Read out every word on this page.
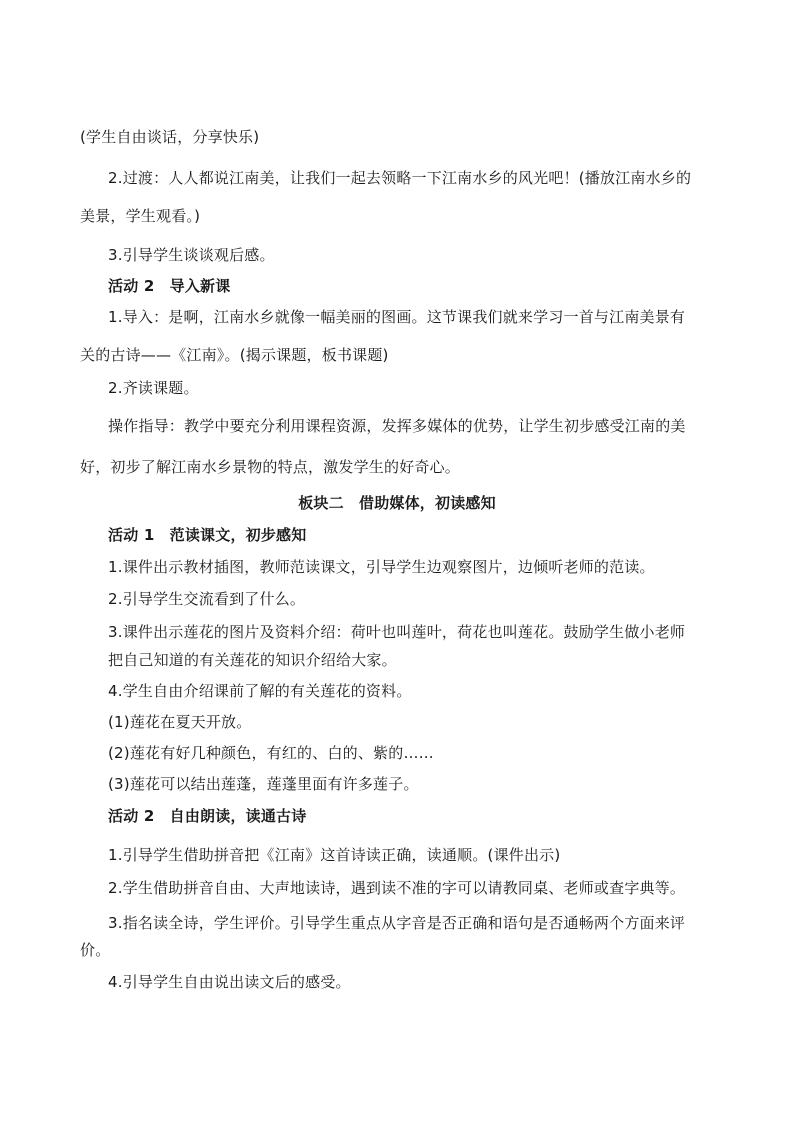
(学生自由谈话，分享快乐)
2.过渡：人人都说江南美，让我们一起去领略一下江南水乡的风光吧！(播放江南水乡的
美景，学生观看。)
3.引导学生谈谈观后感。
活动 2　导入新课
1.导入：是啊，江南水乡就像一幅美丽的图画。这节课我们就来学习一首与江南美景有
关的古诗——《江南》。(揭示课题，板书课题)
2.齐读课题。
操作指导：教学中要充分利用课程资源，发挥多媒体的优势，让学生初步感受江南的美
好，初步了解江南水乡景物的特点，激发学生的好奇心。
板块二　借助媒体，初读感知
活动 1　范读课文，初步感知
1.课件出示教材插图，教师范读课文，引导学生边观察图片，边倾听老师的范读。
2.引导学生交流看到了什么。
3.课件出示莲花的图片及资料介绍：荷叶也叫莲叶，荷花也叫莲花。鼓励学生做小老师
把自己知道的有关莲花的知识介绍给大家。
4.学生自由介绍课前了解的有关莲花的资料。
(1)莲花在夏天开放。
(2)莲花有好几种颜色，有红的、白的、紫的……
(3)莲花可以结出莲蓬，莲蓬里面有许多莲子。
活动 2　自由朗读，读通古诗
1.引导学生借助拼音把《江南》这首诗读正确，读通顺。(课件出示)
2.学生借助拼音自由、大声地读诗，遇到读不准的字可以请教同桌、老师或查字典等。
3.指名读全诗，学生评价。引导学生重点从字音是否正确和语句是否通畅两个方面来评
价。
4.引导学生自由说出读文后的感受。
